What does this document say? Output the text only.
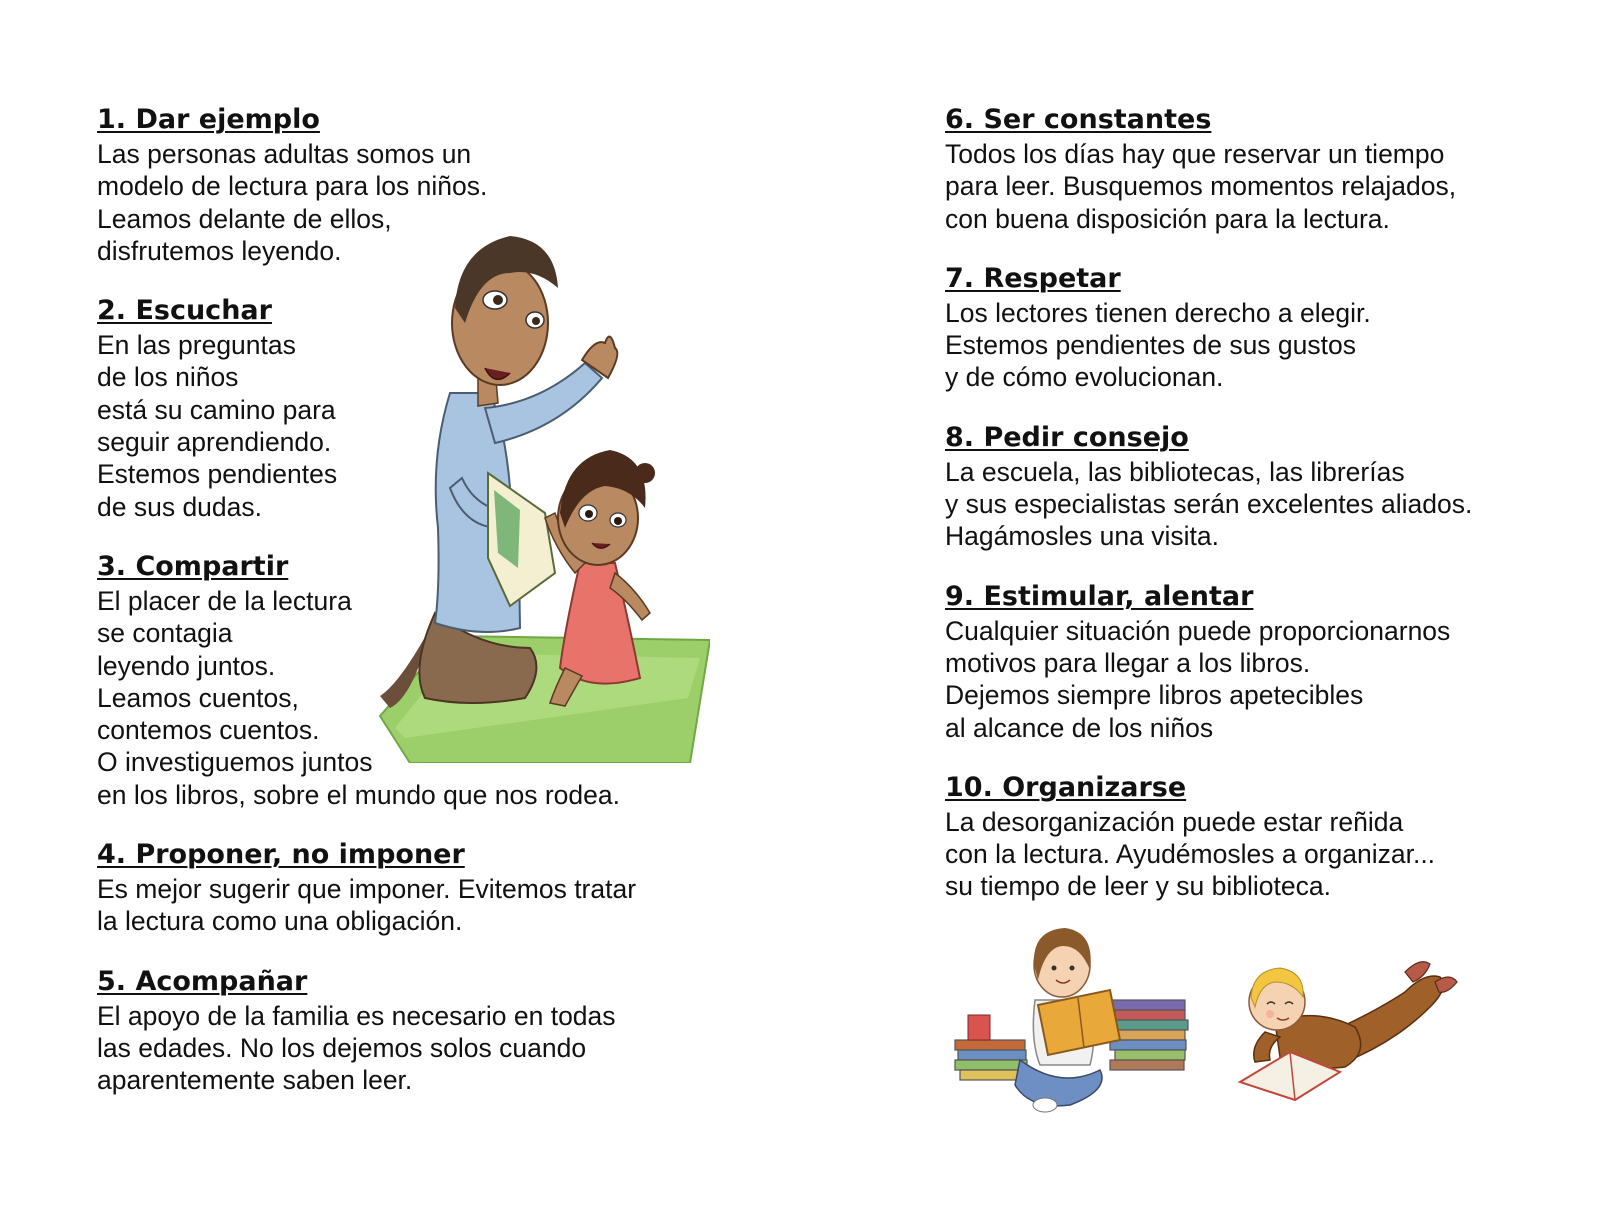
1. Dar ejemplo
Las personas adultas somos un
modelo de lectura para los niños.
Leamos delante de ellos,
disfrutemos leyendo.
2. Escuchar
En las preguntas
de los niños
está su camino para
seguir aprendiendo.
Estemos pendientes
de sus dudas.
3. Compartir
El placer de la lectura
se contagia
leyendo juntos.
Leamos cuentos,
contemos cuentos.
O investiguemos juntos
en los libros, sobre el mundo que nos rodea.
4. Proponer, no imponer
Es mejor sugerir que imponer. Evitemos tratar
la lectura como una obligación.
5. Acompañar
El apoyo de la familia es necesario en todas
las edades. No los dejemos solos cuando
aparentemente saben leer.
6. Ser constantes
Todos los días hay que reservar un tiempo
para leer. Busquemos momentos relajados,
con buena disposición para la lectura.
7. Respetar
Los lectores tienen derecho a elegir.
Estemos pendientes de sus gustos
y de cómo evolucionan.
8. Pedir consejo
La escuela, las bibliotecas, las librerías
y sus especialistas serán excelentes aliados.
Hagámosles una visita.
9. Estimular, alentar
Cualquier situación puede proporcionarnos
motivos para llegar a los libros.
Dejemos siempre libros apetecibles
al alcance de los niños
10. Organizarse
La desorganización puede estar reñida
con la lectura. Ayudémosles a organizar...
su tiempo de leer y su biblioteca.
